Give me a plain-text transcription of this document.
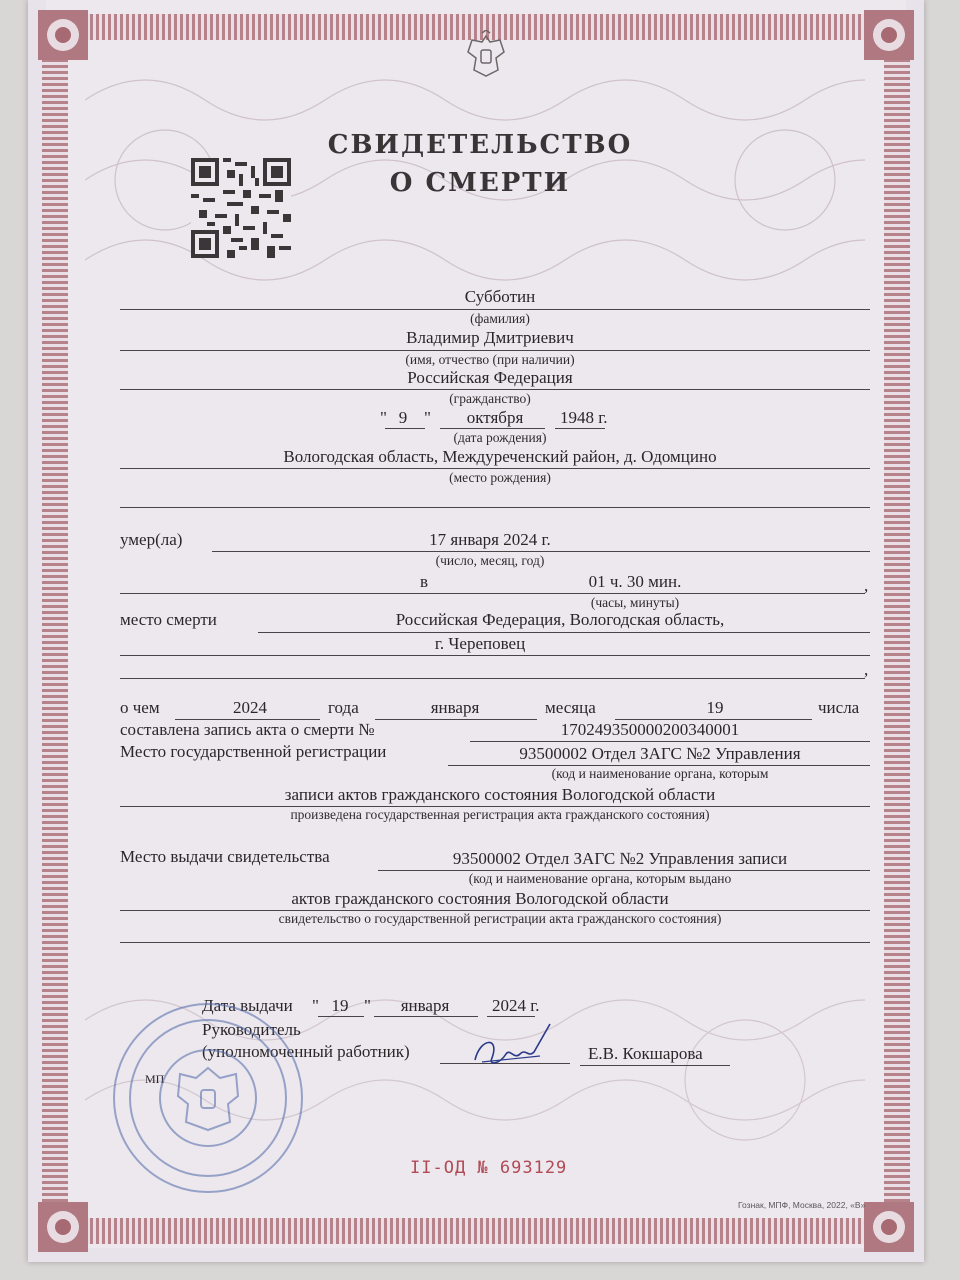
СВИДЕТЕЛЬСТВО
О СМЕРТИ
Субботин
(фамилия)
Владимир Дмитриевич
(имя, отчество (при наличии)
Российская Федерация
(гражданство)
" 9 "	октября	1948 г.
(дата рождения)
Вологодская область, Междуреченский район, д. Одомцино
(место рождения)
умер(ла)	17 января 2024 г.
(число, месяц, год)
в	01 ч. 30 мин.	,
(часы, минуты)
место смерти	Российская Федерация, Вологодская область,
г. Череповец
,
о чем	2024	года	января	месяца	19	числа
составлена запись акта о смерти №	170249350000200340001
Место государственной регистрации	93500002 Отдел ЗАГС №2 Управления
(код и наименование органа, которым
записи актов гражданского состояния Вологодской области
произведена государственная регистрация акта гражданского состояния)
Место выдачи свидетельства	93500002 Отдел ЗАГС №2 Управления записи
(код и наименование органа, которым выдано
актов гражданского состояния Вологодской области
свидетельство о государственной регистрации акта гражданского состояния)
Дата выдачи " 19 "	января	2024 г.
Руководитель
(уполномоченный работник)	Е.В. Кокшарова
МП
II-ОД № 693129
Гознак, МПФ, Москва, 2022, «В»
